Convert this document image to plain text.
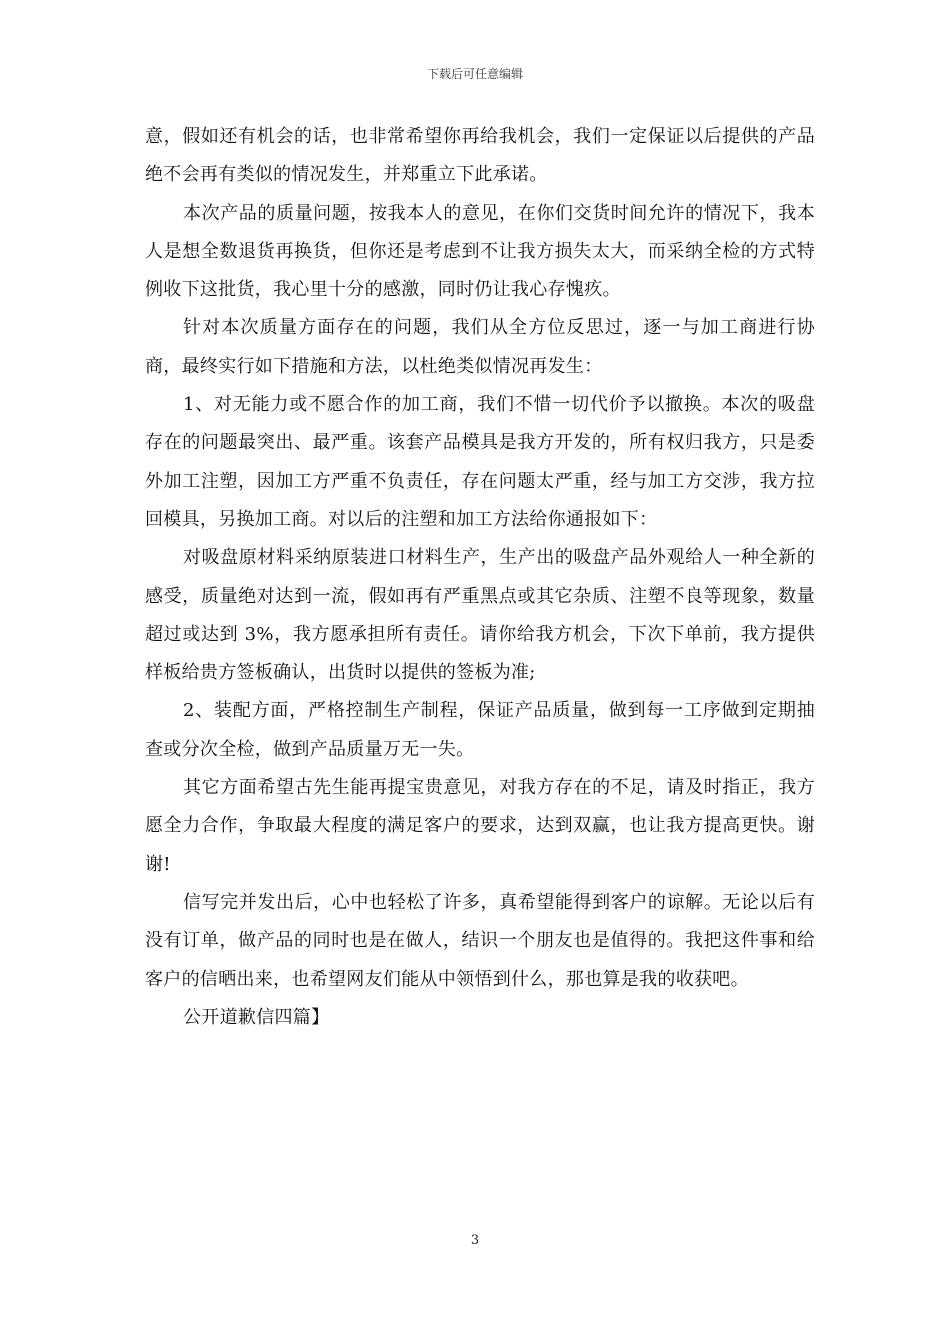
下载后可任意编辑

意，假如还有机会的话，也非常希望你再给我机会，我们一定保证以后提供的产品绝不会再有类似的情况发生，并郑重立下此承诺。

本次产品的质量问题，按我本人的意见，在你们交货时间允许的情况下，我本人是想全数退货再换货，但你还是考虑到不让我方损失太大，而采纳全检的方式特例收下这批货，我心里十分的感激，同时仍让我心存愧疚。

针对本次质量方面存在的问题，我们从全方位反思过，逐一与加工商进行协商，最终实行如下措施和方法，以杜绝类似情况再发生：

1、对无能力或不愿合作的加工商，我们不惜一切代价予以撤换。本次的吸盘存在的问题最突出、最严重。该套产品模具是我方开发的，所有权归我方，只是委外加工注塑，因加工方严重不负责任，存在问题太严重，经与加工方交涉，我方拉回模具，另换加工商。对以后的注塑和加工方法给你通报如下：

对吸盘原材料采纳原装进口材料生产，生产出的吸盘产品外观给人一种全新的感受，质量绝对达到一流，假如再有严重黑点或其它杂质、注塑不良等现象，数量超过或达到 3%，我方愿承担所有责任。请你给我方机会，下次下单前，我方提供样板给贵方签板确认，出货时以提供的签板为准;

2、装配方面，严格控制生产制程，保证产品质量，做到每一工序做到定期抽查或分次全检，做到产品质量万无一失。

其它方面希望古先生能再提宝贵意见，对我方存在的不足，请及时指正，我方愿全力合作，争取最大程度的满足客户的要求，达到双赢，也让我方提高更快。谢谢!

信写完并发出后，心中也轻松了许多，真希望能得到客户的谅解。无论以后有没有订单，做产品的同时也是在做人，结识一个朋友也是值得的。我把这件事和给客户的信晒出来，也希望网友们能从中领悟到什么，那也算是我的收获吧。

公开道歉信四篇】

3
